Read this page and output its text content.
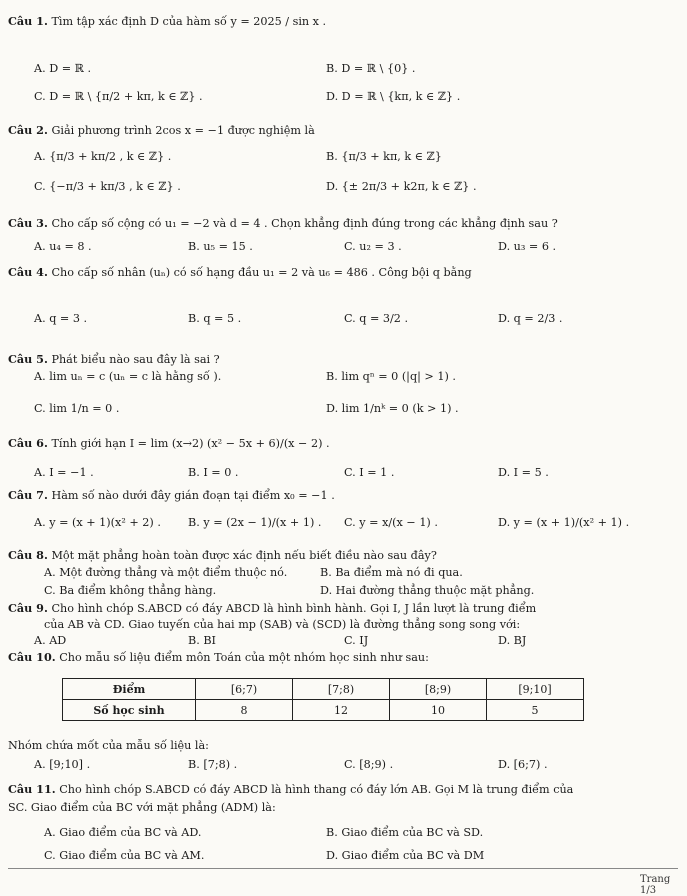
Câu 1. Tìm tập xác định D của hàm số y = 2025 / sin x .
A. D = ℝ .	B. D = ℝ \ {0} .
C. D = ℝ \ {π/2 + kπ, k ∈ ℤ} .	D. D = ℝ \ {kπ, k ∈ ℤ} .
Câu 2. Giải phương trình 2cos x = −1 được nghiệm là
A. {π/3 + kπ/2 , k ∈ ℤ} .	B. {π/3 + kπ, k ∈ ℤ}
C. {−π/3 + kπ/3 , k ∈ ℤ} .	D. {± 2π/3 + k2π, k ∈ ℤ} .
Câu 3. Cho cấp số cộng có u₁ = −2 và d = 4 . Chọn khẳng định đúng trong các khẳng định sau ?
A. u₄ = 8 .	B. u₅ = 15 .	C. u₂ = 3 .	D. u₃ = 6 .
Câu 4. Cho cấp số nhân (uₙ) có số hạng đầu u₁ = 2 và u₆ = 486 . Công bội q bằng
A. q = 3 .	B. q = 5 .	C. q = 3/2 .	D. q = 2/3 .
Câu 5. Phát biểu nào sau đây là sai ?
A. lim uₙ = c (uₙ = c là hằng số ).	B. lim qⁿ = 0 (|q| > 1) .
C. lim 1/n = 0 .	D. lim 1/nᵏ = 0 (k > 1) .
Câu 6. Tính giới hạn I = lim (x→2) (x² − 5x + 6)/(x − 2) .
A. I = −1 .	B. I = 0 .	C. I = 1 .	D. I = 5 .
Câu 7. Hàm số nào dưới đây gián đoạn tại điểm x₀ = −1 .
A. y = (x + 1)(x² + 2) . B. y = (2x − 1)/(x + 1) . C. y = x/(x − 1) .	D. y = (x + 1)/(x² + 1) .
Câu 8. Một mặt phẳng hoàn toàn được xác định nếu biết điều nào sau đây?
A. Một đường thẳng và một điểm thuộc nó.	B. Ba điểm mà nó đi qua.
C. Ba điểm không thẳng hàng.	D. Hai đường thẳng thuộc mặt phẳng.
Câu 9. Cho hình chóp S.ABCD có đáy ABCD là hình bình hành. Gọi I, J lần lượt là trung điểm
của AB và CD. Giao tuyến của hai mp (SAB) và (SCD) là đường thẳng song song với:
A. AD	B. BI	C. IJ	D. BJ
Câu 10. Cho mẫu số liệu điểm môn Toán của một nhóm học sinh như sau:
Điểm	[6;7)	[7;8)	[8;9)	[9;10]
Số học sinh	8	12	10	5
Nhóm chứa mốt của mẫu số liệu là:
A. [9;10] .	B. [7;8) .	C. [8;9) .	D. [6;7) .
Câu 11. Cho hình chóp S.ABCD có đáy ABCD là hình thang có đáy lớn AB. Gọi M là trung điểm của
SC. Giao điểm của BC với mặt phẳng (ADM) là:
A. Giao điểm của BC và AD.	B. Giao điểm của BC và SD.
C. Giao điểm của BC và AM.	D. Giao điểm của BC và DM
Trang 1/3
